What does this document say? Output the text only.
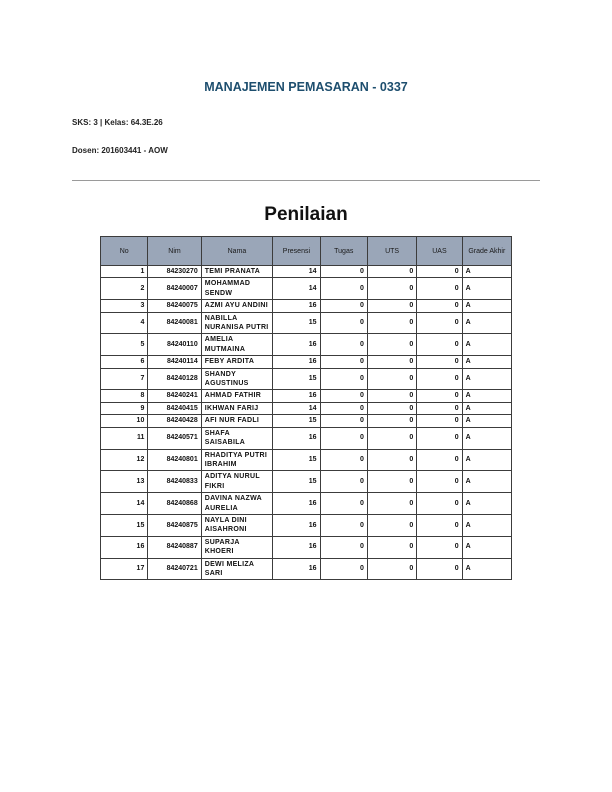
MANAJEMEN PEMASARAN - 0337
SKS: 3 | Kelas: 64.3E.26
Dosen: 201603441 - AOW
Penilaian
No	Nim	Nama	Presensi	Tugas	UTS	UAS	Grade Akhir
1	84230270	TEMI PRANATA	14	0	0	0	A
2	84240007	MOHAMMAD SENDW	14	0	0	0	A
3	84240075	AZMI AYU ANDINI	16	0	0	0	A
4	84240081	NABILLA NURANISA PUTRI	15	0	0	0	A
5	84240110	AMELIA MUTMAINA	16	0	0	0	A
6	84240114	FEBY ARDITA	16	0	0	0	A
7	84240128	SHANDY AGUSTINUS	15	0	0	0	A
8	84240241	AHMAD FATHIR	16	0	0	0	A
9	84240415	IKHWAN FARIJ	14	0	0	0	A
10	84240428	AFI NUR FADLI	15	0	0	0	A
11	84240571	SHAFA SAISABILA	16	0	0	0	A
12	84240801	RHADITYA PUTRI IBRAHIM	15	0	0	0	A
13	84240833	ADITYA NURUL FIKRI	15	0	0	0	A
14	84240868	DAVINA NAZWA AURELIA	16	0	0	0	A
15	84240875	NAYLA DINI AISAHRONI	16	0	0	0	A
16	84240887	SUPARJA KHOERI	16	0	0	0	A
17	84240721	DEWI MELIZA SARI	16	0	0	0	A
